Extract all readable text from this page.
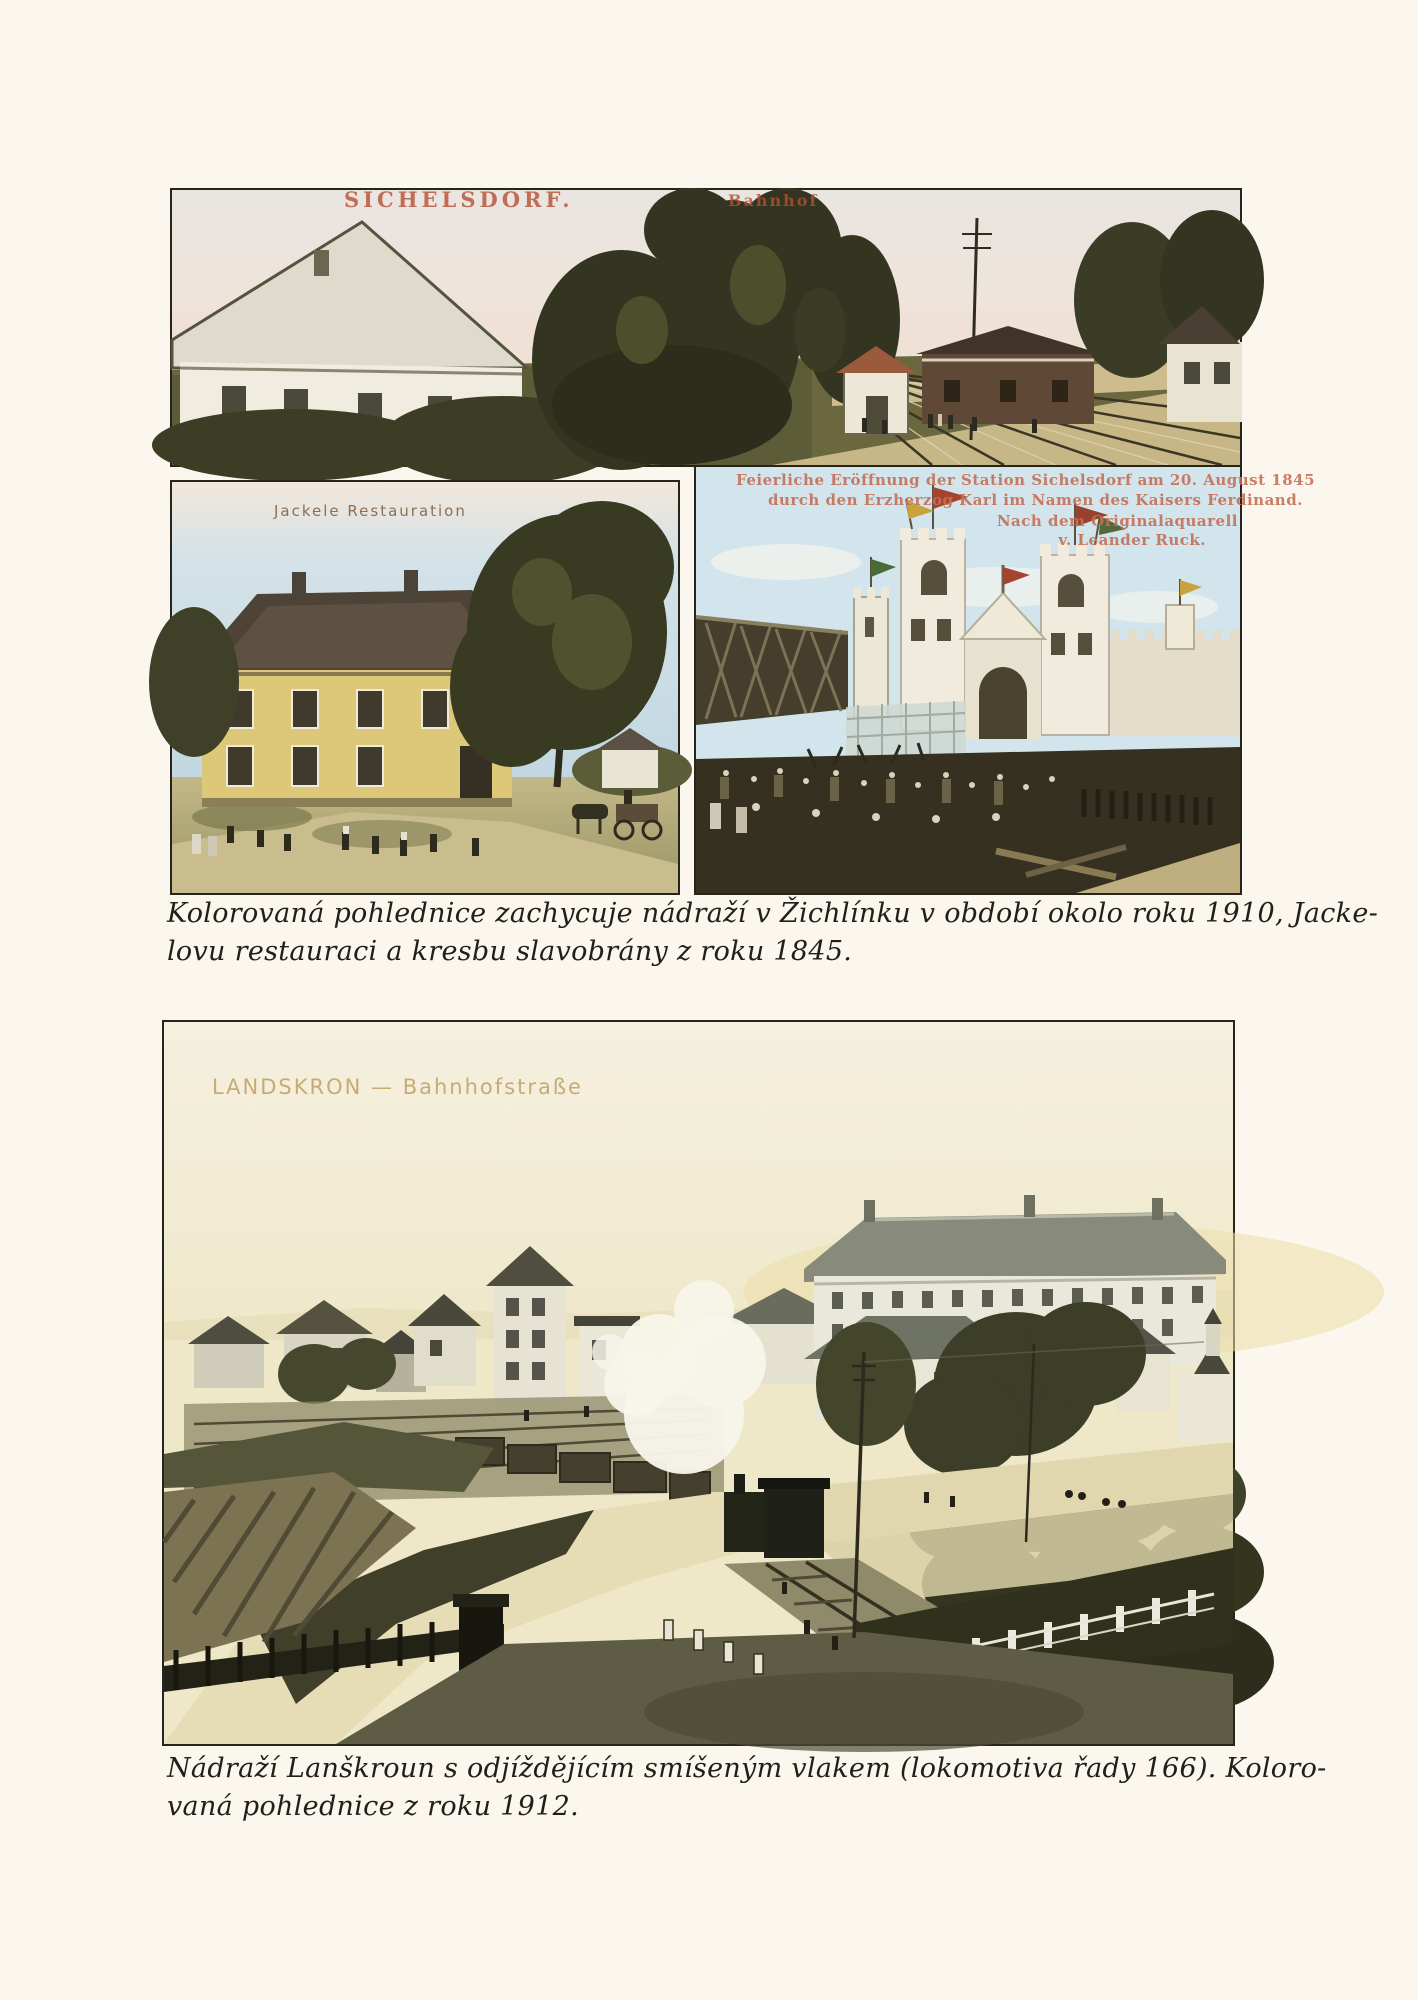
SICHELSDORF.	Bahnhof
Jackele Restauration
Feierliche Eröffnung der Station Sichelsdorf am 20. August 1845
durch den Erzherzog Karl im Namen des Kaisers Ferdinand.
Nach dem Originalaquarell
v. Leander Ruck.
Kolorovaná pohlednice zachycuje nádraží v Žichlínku v období okolo roku 1910, Jacke-
lovu restauraci a kresbu slavobrány z roku 1845.
LANDSKRON — Bahnhofstraße
Nádraží Lanškroun s odjíždějícím smíšeným vlakem (lokomotiva řady 166). Koloro-
vaná pohlednice z roku 1912.
